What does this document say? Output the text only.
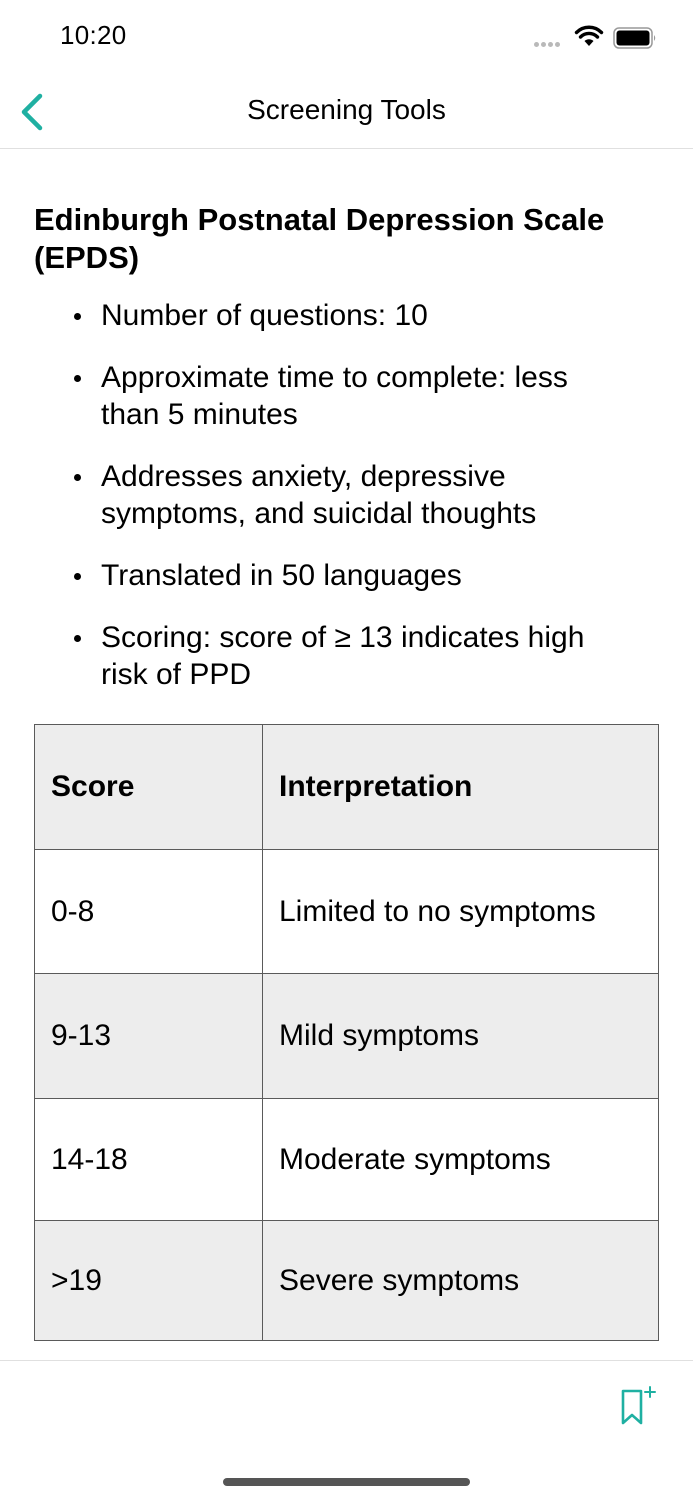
10:20
Screening Tools
Edinburgh Postnatal Depression Scale (EPDS)
Number of questions: 10
Approximate time to complete: less than 5 minutes
Addresses anxiety, depressive symptoms, and suicidal thoughts
Translated in 50 languages
Scoring: score of ≥ 13 indicates high risk of PPD
Score	Interpretation
0-8	Limited to no symptoms
9-13	Mild symptoms
14-18	Moderate symptoms
>19	Severe symptoms
